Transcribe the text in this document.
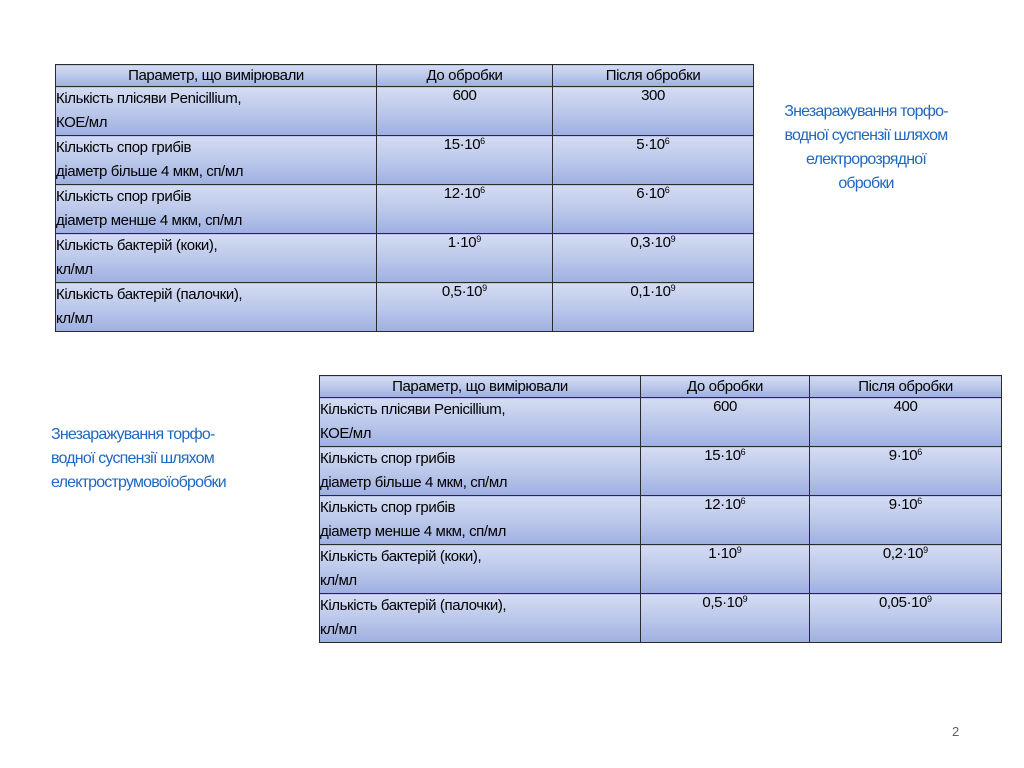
Параметр, що вимірювали	До обробки	Після обробки
Кількість плісяви Penicillium,
КОЕ/мл	600	300
Кількість спор грибів
діаметр більше 4 мкм, сп/мл	$15\cdot 10^6$	$5\cdot 10^6$
Кількість спор грибів
діаметр менше 4 мкм, сп/мл	$12\cdot 10^6$	$6\cdot 10^6$
Кількість бактерій (коки),
кл/мл	$1\cdot 10^9$	$0,3\cdot 10^9$
Кількість бактерій (палочки),
кл/мл	$0,5\cdot 10^9$	$0,1\cdot 10^9$
Знезаражування торфо-
водної суспензії шляхом
електророзрядної
обробки
Параметр, що вимірювали	До обробки	Після обробки
Кількість плісяви Penicillium,
КОЕ/мл	600	400
Кількість спор грибів
діаметр більше 4 мкм, сп/мл	$15\cdot 10^6$	$9\cdot 10^6$
Кількість спор грибів
діаметр менше 4 мкм, сп/мл	$12\cdot 10^6$	$9\cdot 10^6$
Кількість бактерій (коки),
кл/мл	$1\cdot 10^9$	$0,2\cdot 10^9$
Кількість бактерій (палочки),
кл/мл	$0,5\cdot 10^9$	$0,05\cdot 10^9$
Знезаражування торфо-
водної суспензії шляхом
електрострумовоїобробки
2
